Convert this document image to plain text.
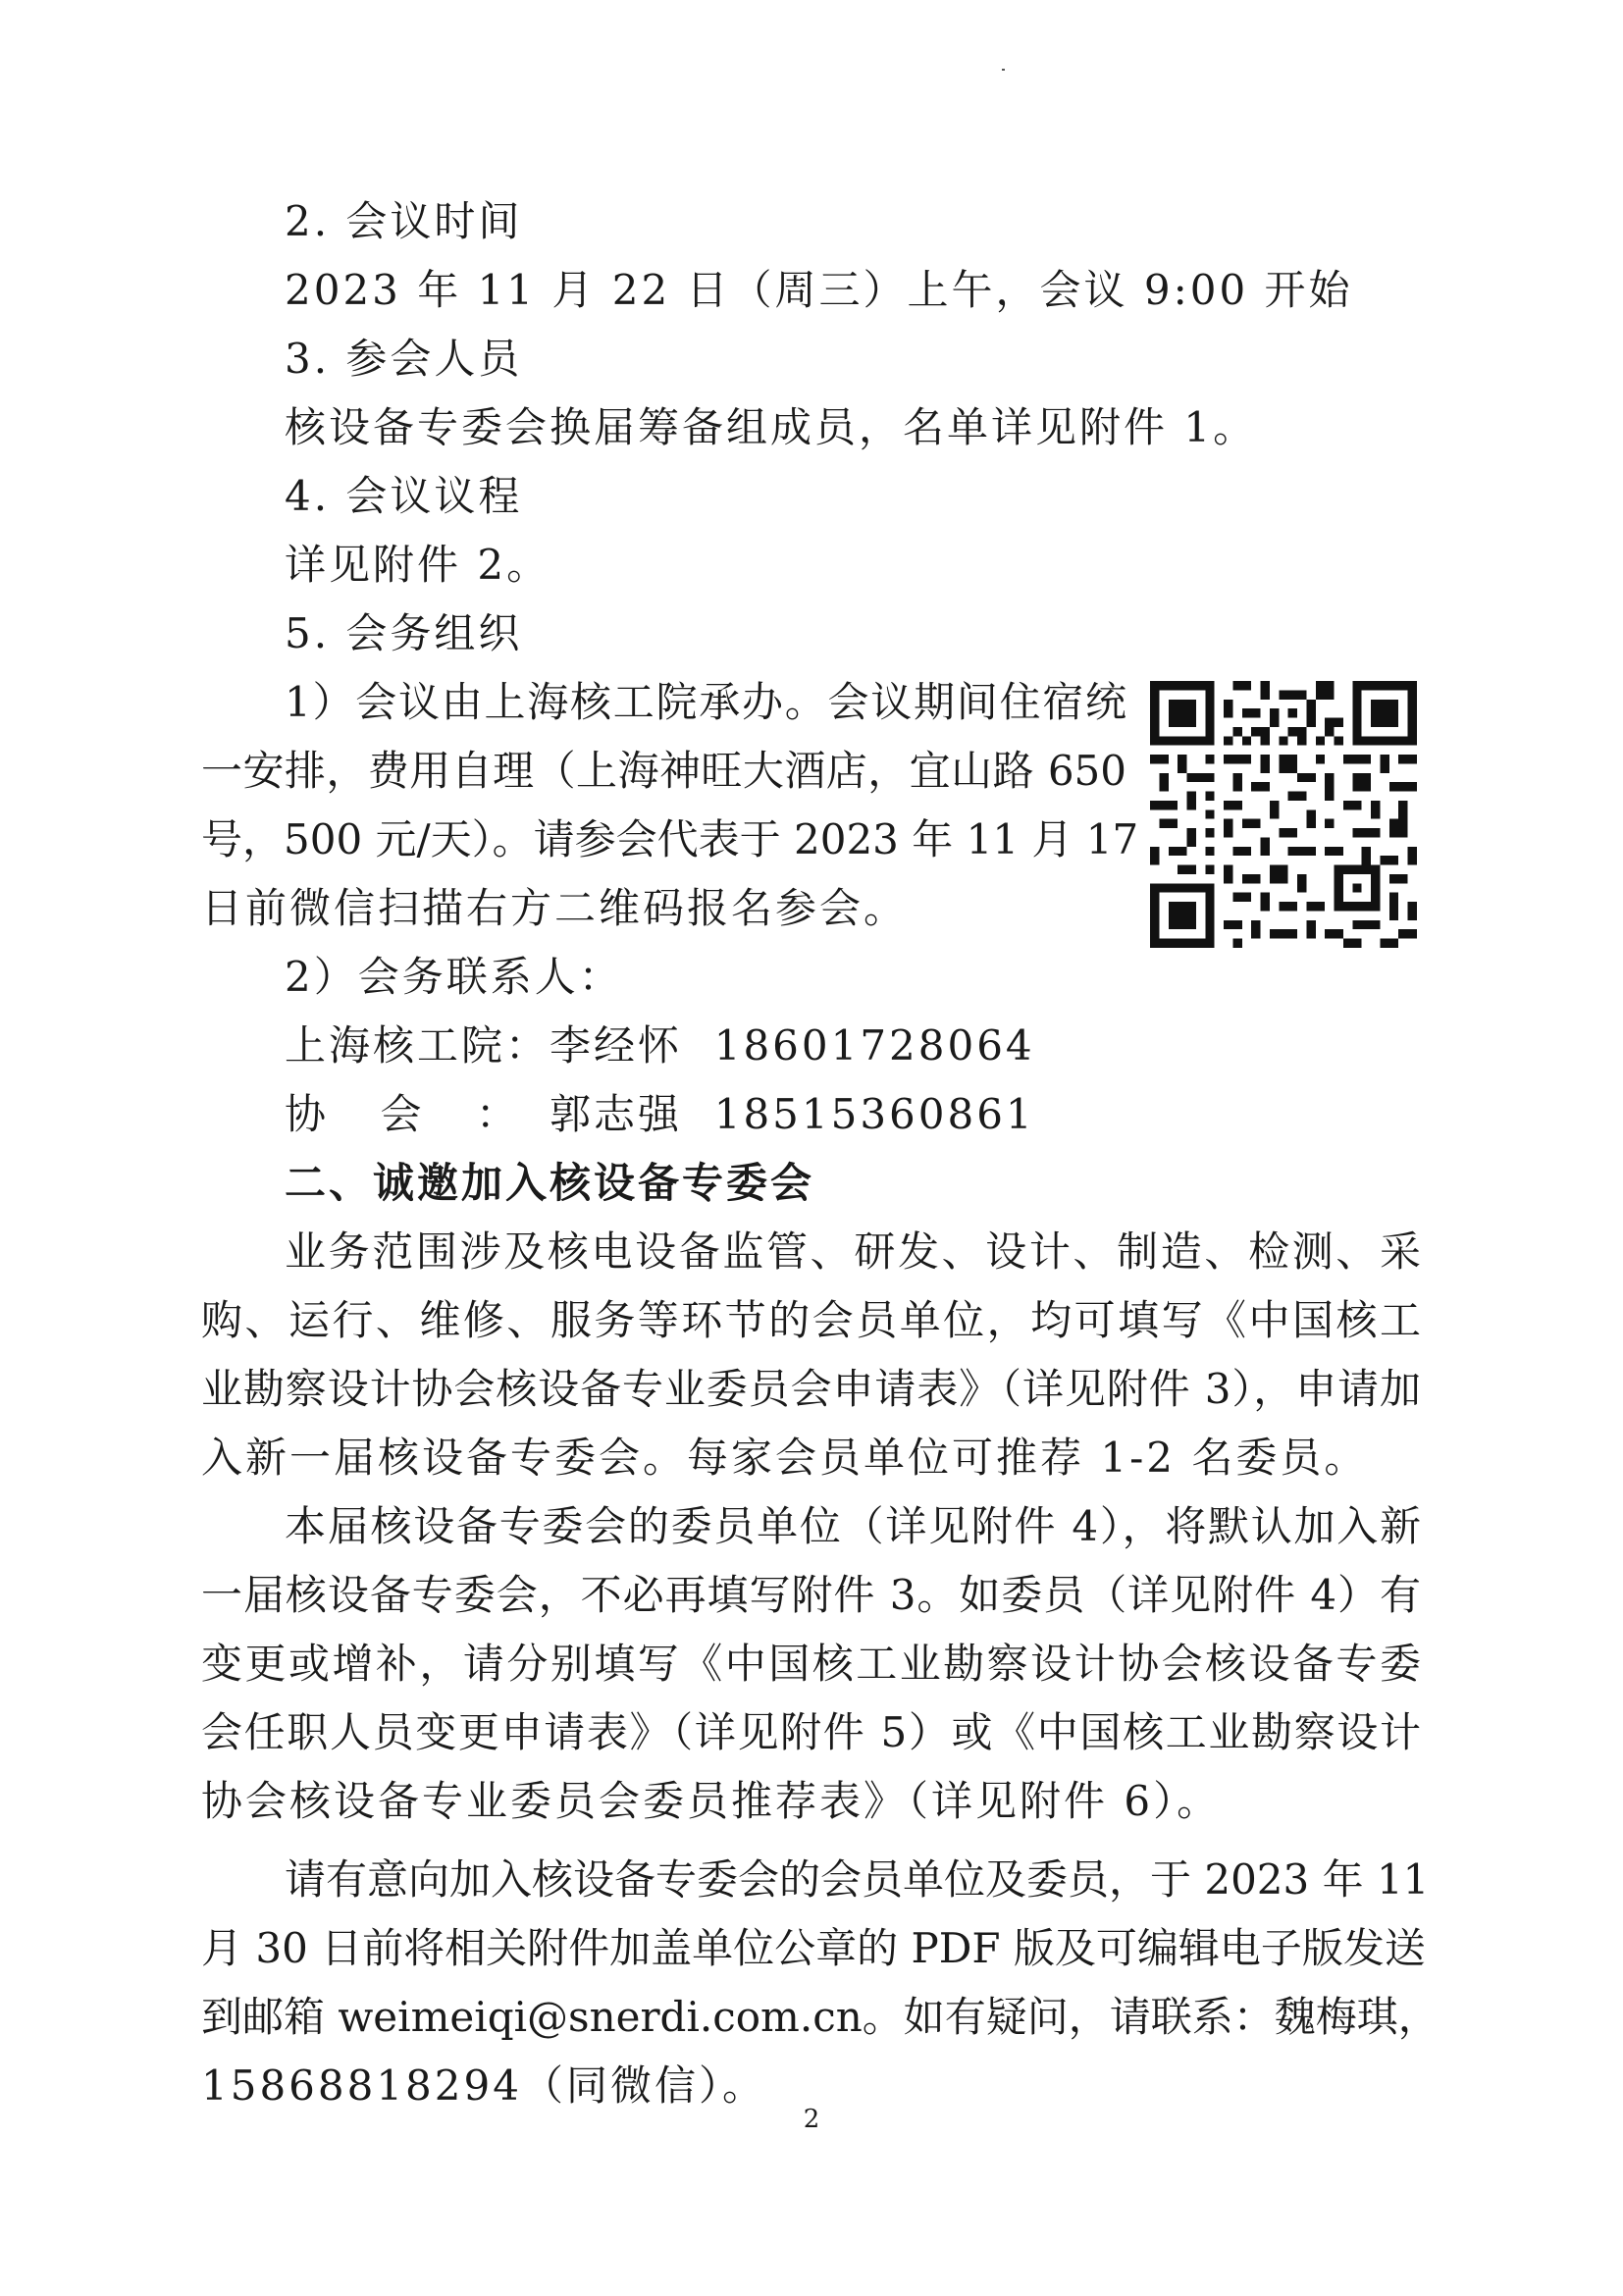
2. 会议时间
2023 年 11 月 22 日（周三）上午，会议 9:00 开始
3. 参会人员
核设备专委会换届筹备组成员，名单详见附件 1。
4. 会议议程
详见附件 2。
5. 会务组织
1）会议由上海核工院承办。会议期间住宿统
一安排，费用自理（上海神旺大酒店，宜山路 650
号，500 元/天）。请参会代表于 2023 年 11 月 17
日前微信扫描右方二维码报名参会。
2）会务联系人：
上海核工院：李经怀 18601728064
协会： 郭志强 18515360861
二、诚邀加入核设备专委会
业务范围涉及核电设备监管、研发、设计、制造、检测、采
购、运行、维修、服务等环节的会员单位，均可填写《中国核工
业勘察设计协会核设备专业委员会申请表》（详见附件 3），申请加
入新一届核设备专委会。每家会员单位可推荐 1-2 名委员。
本届核设备专委会的委员单位（详见附件 4），将默认加入新
一届核设备专委会，不必再填写附件 3。如委员（详见附件 4）有
变更或增补，请分别填写《中国核工业勘察设计协会核设备专委
会任职人员变更申请表》（详见附件 5）或《中国核工业勘察设计
协会核设备专业委员会委员推荐表》（详见附件 6）。
请有意向加入核设备专委会的会员单位及委员，于 2023 年 11
月 30 日前将相关附件加盖单位公章的 PDF 版及可编辑电子版发送
到邮箱 weimeiqi@snerdi.com.cn。如有疑问，请联系：魏梅琪，
15868818294（同微信）。
2
